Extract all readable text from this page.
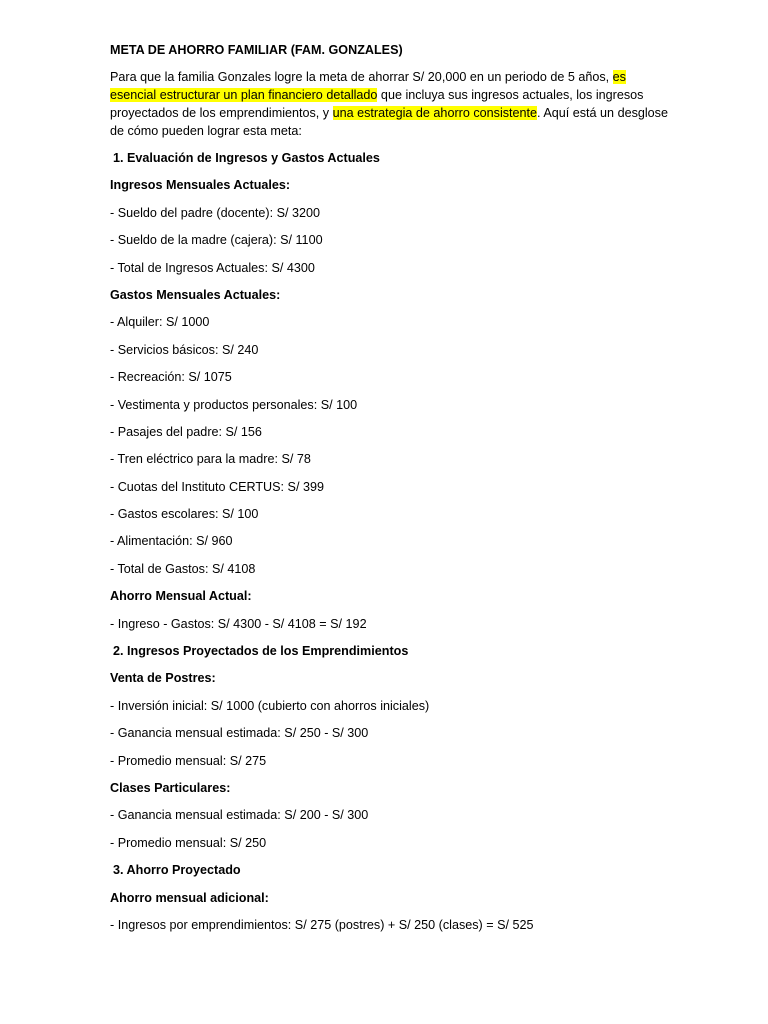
META DE AHORRO FAMILIAR (FAM. GONZALES)
Para que la familia Gonzales logre la meta de ahorrar S/ 20,000 en un periodo de 5 años, es
esencial estructurar un plan financiero detallado que incluya sus ingresos actuales, los ingresos proyectados de los emprendimientos, y una estrategia de ahorro consistente. Aquí está un desglose de cómo pueden lograr esta meta:
1. Evaluación de Ingresos y Gastos Actuales
Ingresos Mensuales Actuales:
- Sueldo del padre (docente): S/ 3200
- Sueldo de la madre (cajera): S/ 1100
- Total de Ingresos Actuales: S/ 4300
Gastos Mensuales Actuales:
- Alquiler: S/ 1000
- Servicios básicos: S/ 240
- Recreación: S/ 1075
- Vestimenta y productos personales: S/ 100
- Pasajes del padre: S/ 156
- Tren eléctrico para la madre: S/ 78
- Cuotas del Instituto CERTUS: S/ 399
- Gastos escolares: S/ 100
- Alimentación: S/ 960
- Total de Gastos: S/ 4108
Ahorro Mensual Actual:
- Ingreso - Gastos: S/ 4300 - S/ 4108 = S/ 192
2. Ingresos Proyectados de los Emprendimientos
Venta de Postres:
- Inversión inicial: S/ 1000 (cubierto con ahorros iniciales)
- Ganancia mensual estimada: S/ 250 - S/ 300
- Promedio mensual: S/ 275
Clases Particulares:
- Ganancia mensual estimada: S/ 200 - S/ 300
- Promedio mensual: S/ 250
3. Ahorro Proyectado
Ahorro mensual adicional:
- Ingresos por emprendimientos: S/ 275 (postres) + S/ 250 (clases) = S/ 525
